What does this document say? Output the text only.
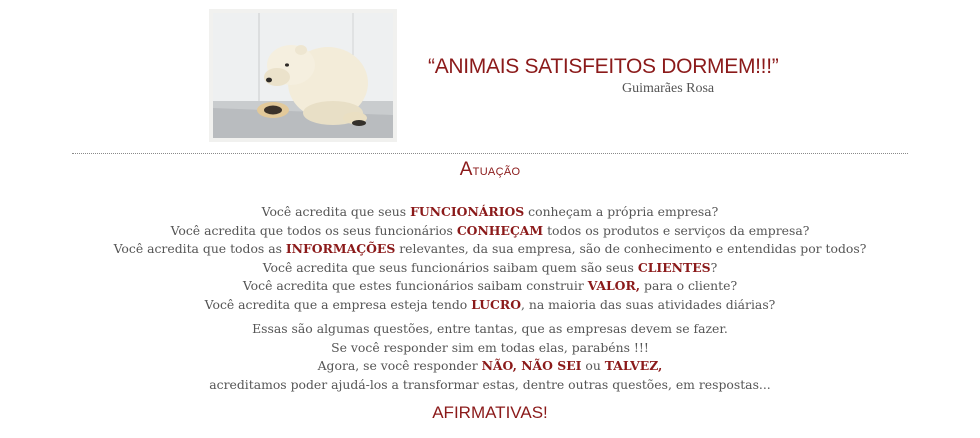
“ANIMAIS SATISFEITOS DORMEM!!!”

Guimarães Rosa

Atuação
Você acredita que seus FUNCIONÁRIOS conheçam a própria empresa?
Você acredita que todos os seus funcionários CONHEÇAM todos os produtos e serviços da empresa?
Você acredita que todos as INFORMAÇÕES relevantes, da sua empresa, são de conhecimento e entendidas por todos?
Você acredita que seus funcionários saibam quem são seus CLIENTES?
Você acredita que estes funcionários saibam construir VALOR, para o cliente?
Você acredita que a empresa esteja tendo LUCRO, na maioria das suas atividades diárias?
Essas são algumas questões, entre tantas, que as empresas devem se fazer.
Se você responder sim em todas elas, parabéns !!!
Agora, se você responder NÃO, NÃO SEI ou TALVEZ,
acreditamos poder ajudá-los a transformar estas, dentre outras questões, em respostas...

AFIRMATIVAS!
